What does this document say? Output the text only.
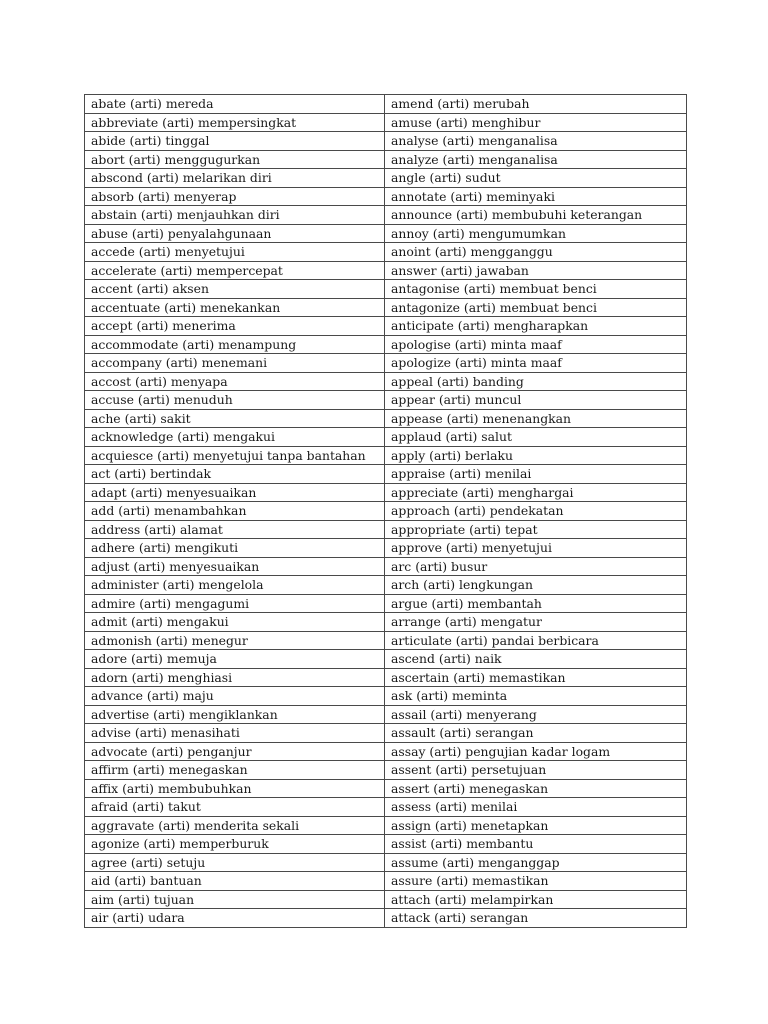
abate (arti) mereda	amend (arti) merubah
abbreviate (arti) mempersingkat	amuse (arti) menghibur
abide (arti) tinggal	analyse (arti) menganalisa
abort (arti) menggugurkan	analyze (arti) menganalisa
abscond (arti) melarikan diri	angle (arti) sudut
absorb (arti) menyerap	annotate (arti) meminyaki
abstain (arti) menjauhkan diri	announce (arti) membubuhi keterangan
abuse (arti) penyalahgunaan	annoy (arti) mengumumkan
accede (arti) menyetujui	anoint (arti) mengganggu
accelerate (arti) mempercepat	answer (arti) jawaban
accent (arti) aksen	antagonise (arti) membuat benci
accentuate (arti) menekankan	antagonize (arti) membuat benci
accept (arti) menerima	anticipate (arti) mengharapkan
accommodate (arti) menampung	apologise (arti) minta maaf
accompany (arti) menemani	apologize (arti) minta maaf
accost (arti) menyapa	appeal (arti) banding
accuse (arti) menuduh	appear (arti) muncul
ache (arti) sakit	appease (arti) menenangkan
acknowledge (arti) mengakui	applaud (arti) salut
acquiesce (arti) menyetujui tanpa bantahan	apply (arti) berlaku
act (arti) bertindak	appraise (arti) menilai
adapt (arti) menyesuaikan	appreciate (arti) menghargai
add (arti) menambahkan	approach (arti) pendekatan
address (arti) alamat	appropriate (arti) tepat
adhere (arti) mengikuti	approve (arti) menyetujui
adjust (arti) menyesuaikan	arc (arti) busur
administer (arti) mengelola	arch (arti) lengkungan
admire (arti) mengagumi	argue (arti) membantah
admit (arti) mengakui	arrange (arti) mengatur
admonish (arti) menegur	articulate (arti) pandai berbicara
adore (arti) memuja	ascend (arti) naik
adorn (arti) menghiasi	ascertain (arti) memastikan
advance (arti) maju	ask (arti) meminta
advertise (arti) mengiklankan	assail (arti) menyerang
advise (arti) menasihati	assault (arti) serangan
advocate (arti) penganjur	assay (arti) pengujian kadar logam
affirm (arti) menegaskan	assent (arti) persetujuan
affix (arti) membubuhkan	assert (arti) menegaskan
afraid (arti) takut	assess (arti) menilai
aggravate (arti) menderita sekali	assign (arti) menetapkan
agonize (arti) memperburuk	assist (arti) membantu
agree (arti) setuju	assume (arti) menganggap
aid (arti) bantuan	assure (arti) memastikan
aim (arti) tujuan	attach (arti) melampirkan
air (arti) udara	attack (arti) serangan
